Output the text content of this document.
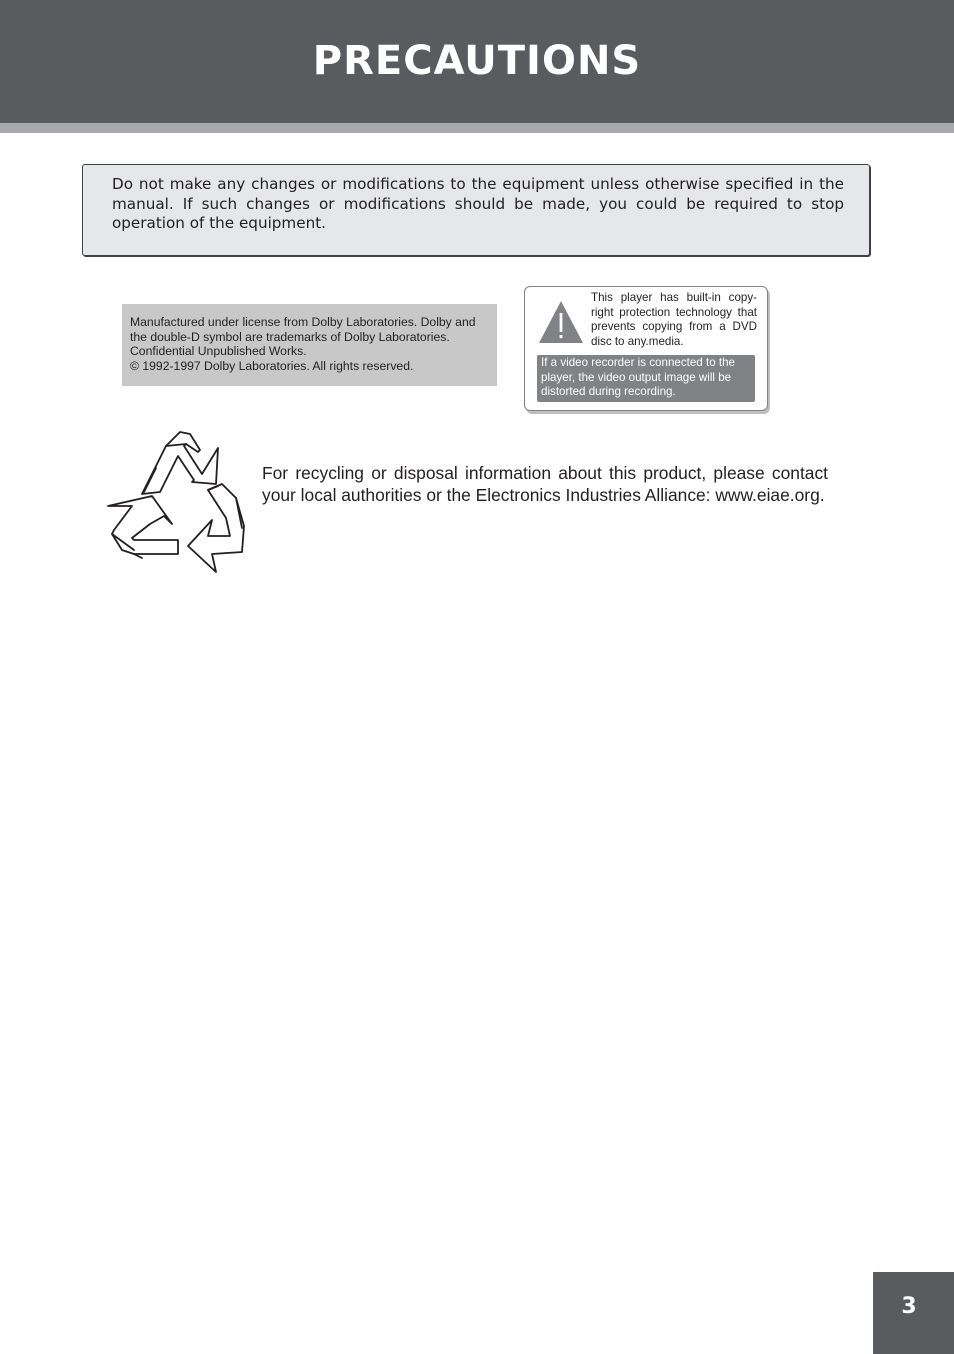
PRECAUTIONS
Do not make any changes or modifications to the equipment unless otherwise specified in the manual. If such changes or modifications should be made, you could be required to stop operation of the equipment.
Manufactured under license from Dolby Laboratories. Dolby and
the double-D symbol are trademarks of Dolby Laboratories.
Confidential Unpublished Works.
© 1992-1997 Dolby Laboratories. All rights reserved.
This player has built-in copy-right protection technology that prevents copying from a DVD disc to any.media.
If a video recorder is connected to the player, the video output image will be distorted during recording.
For recycling or disposal information about this product, please contact your local authorities or the Electronics Industries Alliance: www.eiae.org.
3
